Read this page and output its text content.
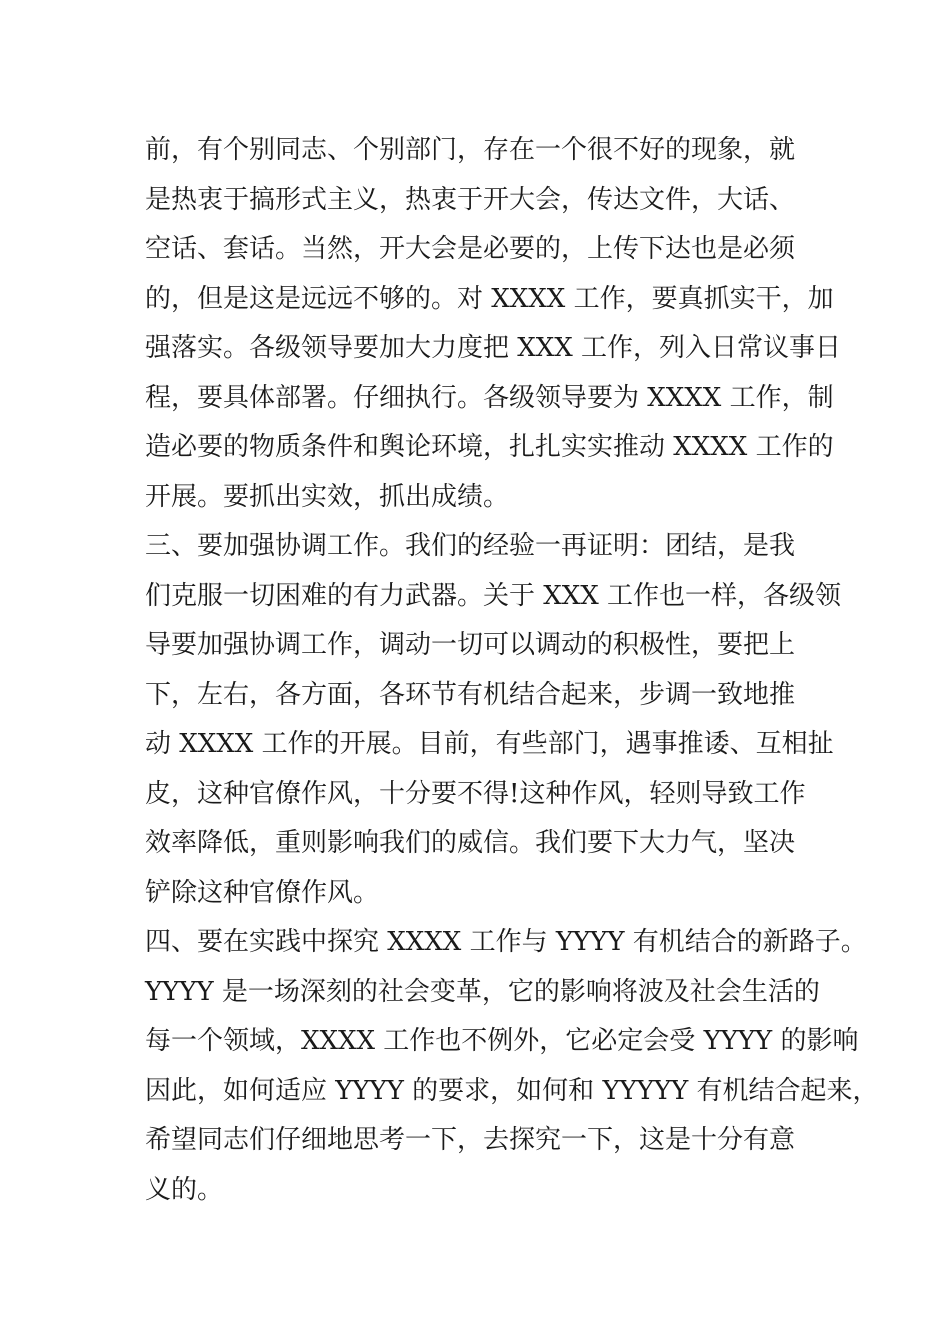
前，有个别同志、个别部门，存在一个很不好的现象，就
是热衷于搞形式主义，热衷于开大会，传达文件，大话、
空话、套话。当然，开大会是必要的，上传下达也是必须
的，但是这是远远不够的。对 XXXX 工作，要真抓实干，加
强落实。各级领导要加大力度把 XXX 工作，列入日常议事日
程，要具体部署。仔细执行。各级领导要为 XXXX 工作，制
造必要的物质条件和舆论环境，扎扎实实推动 XXXX 工作的
开展。要抓出实效，抓出成绩。
三、要加强协调工作。我们的经验一再证明：团结，是我
们克服一切困难的有力武器。关于 XXX 工作也一样，各级领
导要加强协调工作，调动一切可以调动的积极性，要把上
下，左右，各方面，各环节有机结合起来，步调一致地推
动 XXXX 工作的开展。目前，有些部门，遇事推诿、互相扯
皮，这种官僚作风，十分要不得!这种作风，轻则导致工作
效率降低，重则影响我们的威信。我们要下大力气，坚决
铲除这种官僚作风。
四、要在实践中探究 XXXX 工作与 YYYY 有机结合的新路子。
YYYY 是一场深刻的社会变革，它的影响将波及社会生活的
每一个领域，XXXX 工作也不例外，它必定会受 YYYY 的影响
因此，如何适应 YYYY 的要求，如何和 YYYYY 有机结合起来，
希望同志们仔细地思考一下，去探究一下，这是十分有意
义的。
